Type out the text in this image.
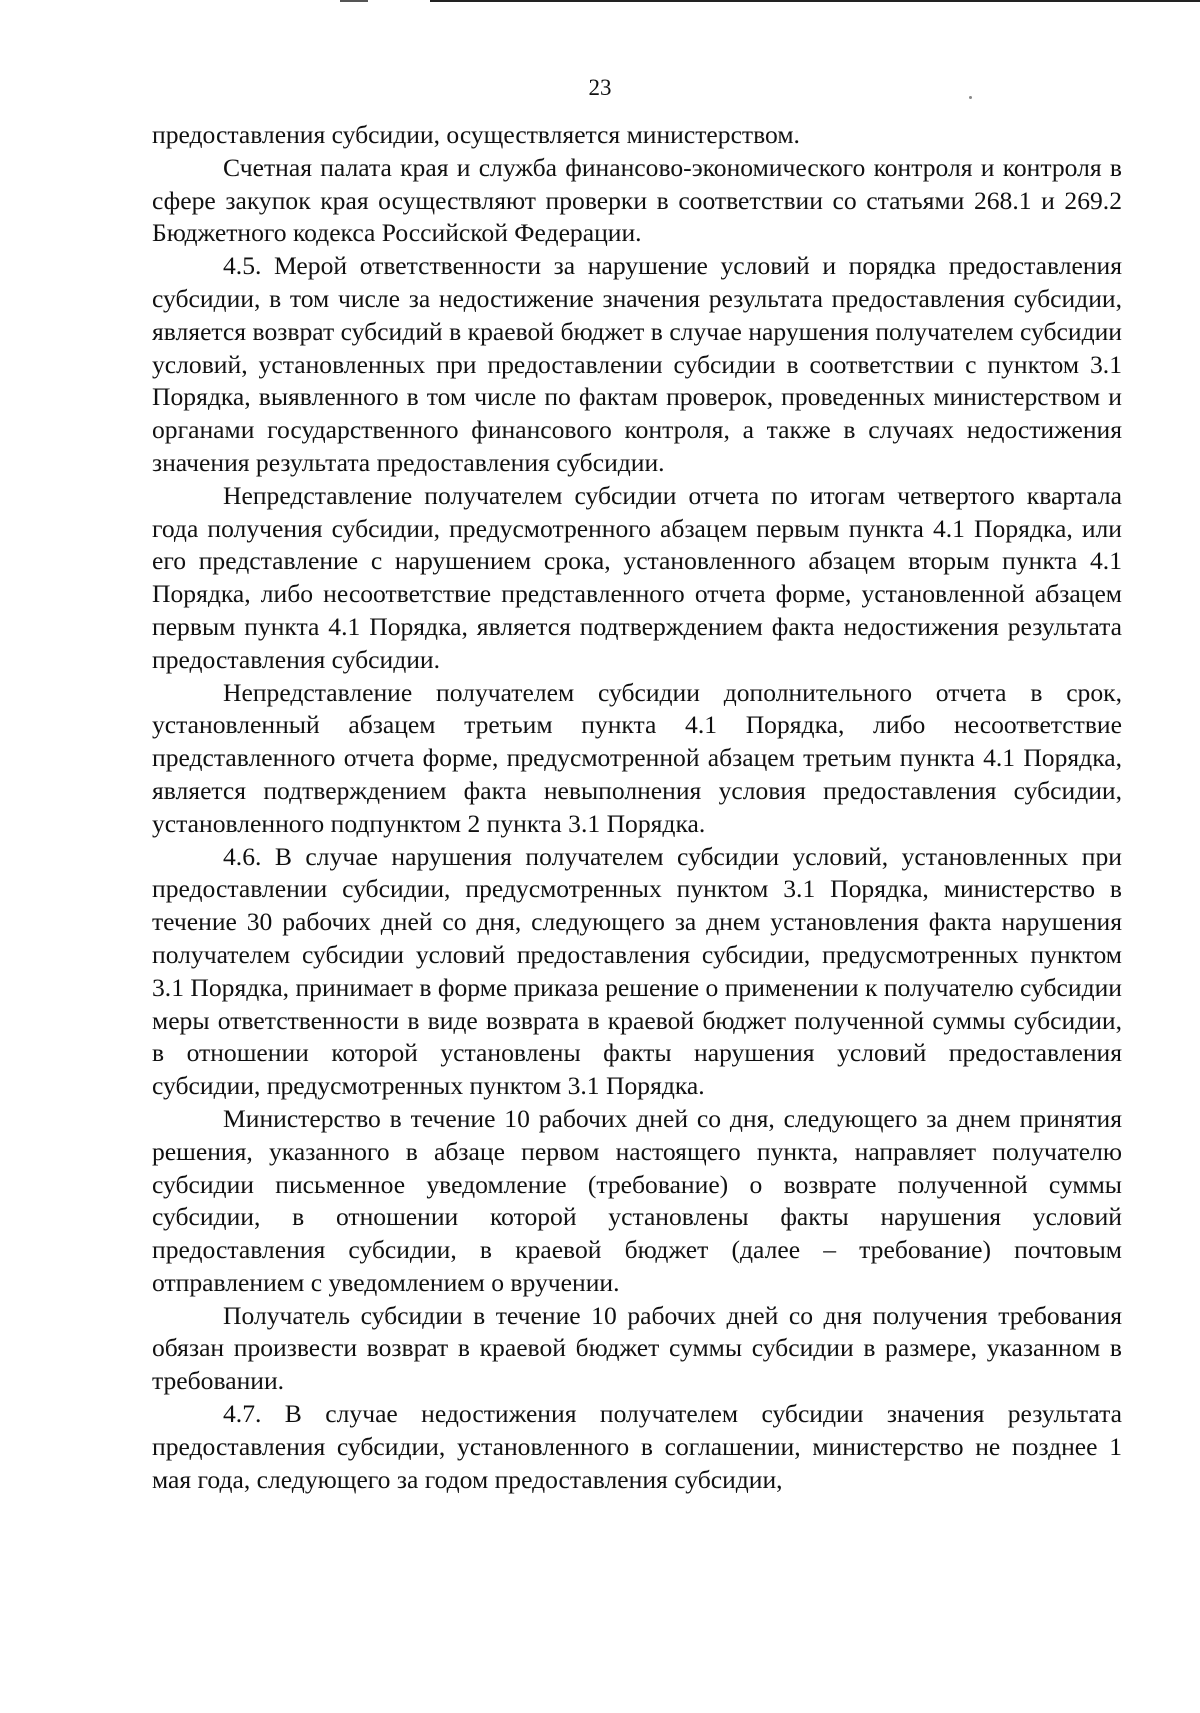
23

предоставления субсидии, осуществляется министерством.

Счетная палата края и служба финансово-экономического контроля и контроля в сфере закупок края осуществляют проверки в соответствии со статьями 268.1 и 269.2 Бюджетного кодекса Российской Федерации.

4.5. Мерой ответственности за нарушение условий и порядка предоставления субсидии, в том числе за недостижение значения результата предоставления субсидии, является возврат субсидий в краевой бюджет в случае нарушения получателем субсидии условий, установленных при предоставлении субсидии в соответствии с пунктом 3.1 Порядка, выявленного в том числе по фактам проверок, проведенных министерством и органами государственного финансового контроля, а также в случаях недостижения значения результата предоставления субсидии.

Непредставление получателем субсидии отчета по итогам четвертого квартала года получения субсидии, предусмотренного абзацем первым пункта 4.1 Порядка, или его представление с нарушением срока, установленного абзацем вторым пункта 4.1 Порядка, либо несоответствие представленного отчета форме, установленной абзацем первым пункта 4.1 Порядка, является подтверждением факта недостижения результата предоставления субсидии.

Непредставление получателем субсидии дополнительного отчета в срок, установленный абзацем третьим пункта 4.1 Порядка, либо несоответствие представленного отчета форме, предусмотренной абзацем третьим пункта 4.1 Порядка, является подтверждением факта невыполнения условия предоставления субсидии, установленного подпунктом 2 пункта 3.1 Порядка.

4.6. В случае нарушения получателем субсидии условий, установленных при предоставлении субсидии, предусмотренных пунктом 3.1 Порядка, министерство в течение 30 рабочих дней со дня, следующего за днем установления факта нарушения получателем субсидии условий предоставления субсидии, предусмотренных пунктом 3.1 Порядка, принимает в форме приказа решение о применении к получателю субсидии меры ответственности в виде возврата в краевой бюджет полученной суммы субсидии, в отношении которой установлены факты нарушения условий предоставления субсидии, предусмотренных пунктом 3.1 Порядка.

Министерство в течение 10 рабочих дней со дня, следующего за днем принятия решения, указанного в абзаце первом настоящего пункта, направляет получателю субсидии письменное уведомление (требование) о возврате полученной суммы субсидии, в отношении которой установлены факты нарушения условий предоставления субсидии, в краевой бюджет (далее – требование) почтовым отправлением с уведомлением о вручении.

Получатель субсидии в течение 10 рабочих дней со дня получения требования обязан произвести возврат в краевой бюджет суммы субсидии в размере, указанном в требовании.

4.7. В случае недостижения получателем субсидии значения результата предоставления субсидии, установленного в соглашении, министерство не позднее 1 мая года, следующего за годом предоставления субсидии,
